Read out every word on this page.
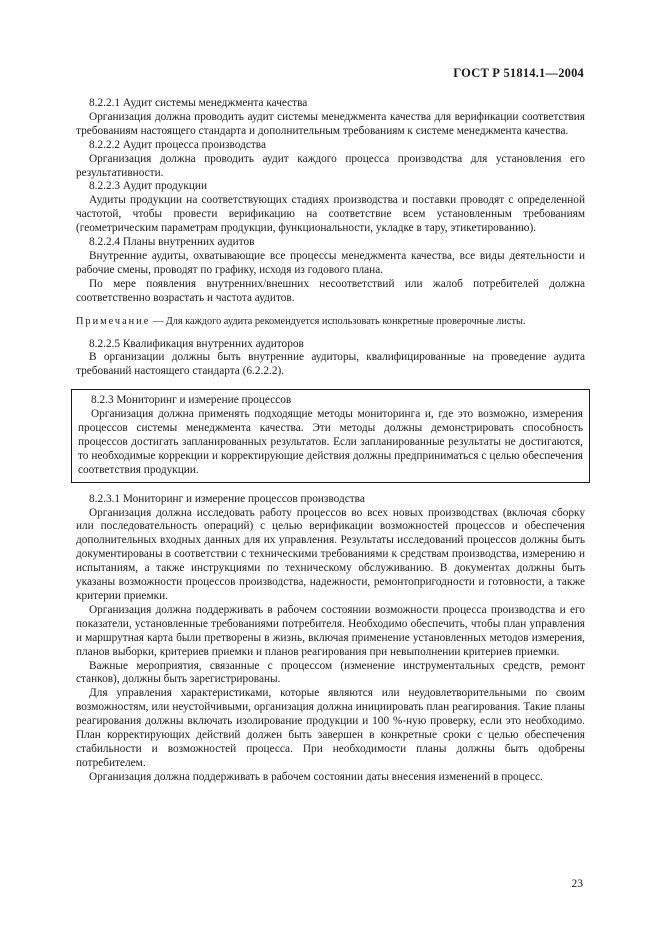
ГОСТ Р 51814.1—2004

8.2.2.1 Аудит системы менеджмента качества

Организация должна проводить аудит системы менеджмента качества для верификации соответствия требованиям настоящего стандарта и дополнительным требованиям к системе менеджмента качества.

8.2.2.2 Аудит процесса производства

Организация должна проводить аудит каждого процесса производства для установления его результативности.

8.2.2.3 Аудит продукции

Аудиты продукции на соответствующих стадиях производства и поставки проводят с определенной частотой, чтобы провести верификацию на соответствие всем установленным требованиям (геометрическим параметрам продукции, функциональности, укладке в тару, этикетированию).

8.2.2.4 Планы внутренних аудитов

Внутренние аудиты, охватывающие все процессы менеджмента качества, все виды деятельности и рабочие смены, проводят по графику, исходя из годового плана.

По мере появления внутренних/внешних несоответствий или жалоб потребителей должна соответственно возрастать и частота аудитов.

Примечание — Для каждого аудита рекомендуется использовать конкретные проверочные листы.

8.2.2.5 Квалификация внутренних аудиторов

В организации должны быть внутренние аудиторы, квалифицированные на проведение аудита требований настоящего стандарта (6.2.2.2).

8.2.3 Мониторинг и измерение процессов

Организация должна применять подходящие методы мониторинга и, где это возможно, измерения процессов системы менеджмента качества. Эти методы должны демонстрировать способность процессов достигать запланированных результатов. Если запланированные результаты не достигаются, то необходимые коррекции и корректирующие действия должны предприниматься с целью обеспечения соответствия продукции.

8.2.3.1 Мониторинг и измерение процессов производства

Организация должна исследовать работу процессов во всех новых производствах (включая сборку или последовательность операций) с целью верификации возможностей процессов и обеспечения дополнительных входных данных для их управления. Результаты исследований процессов должны быть документированы в соответствии с техническими требованиями к средствам производства, измерению и испытаниям, а также инструкциями по техническому обслуживанию. В документах должны быть указаны возможности процессов производства, надежности, ремонтопригодности и готовности, а также критерии приемки.

Организация должна поддерживать в рабочем состоянии возможности процесса производства и его показатели, установленные требованиями потребителя. Необходимо обеспечить, чтобы план управления и маршрутная карта были претворены в жизнь, включая применение установленных методов измерения, планов выборки, критериев приемки и планов реагирования при невыполнении критериев приемки.

Важные мероприятия, связанные с процессом (изменение инструментальных средств, ремонт станков), должны быть зарегистрированы.

Для управления характеристиками, которые являются или неудовлетворительными по своим возможностям, или неустойчивыми, организация должна инициировать план реагирования. Такие планы реагирования должны включать изолирование продукции и 100 %-ную проверку, если это необходимо. План корректирующих действий должен быть завершен в конкретные сроки с целью обеспечения стабильности и возможностей процесса. При необходимости планы должны быть одобрены потребителем.

Организация должна поддерживать в рабочем состоянии даты внесения изменений в процесс.

23
